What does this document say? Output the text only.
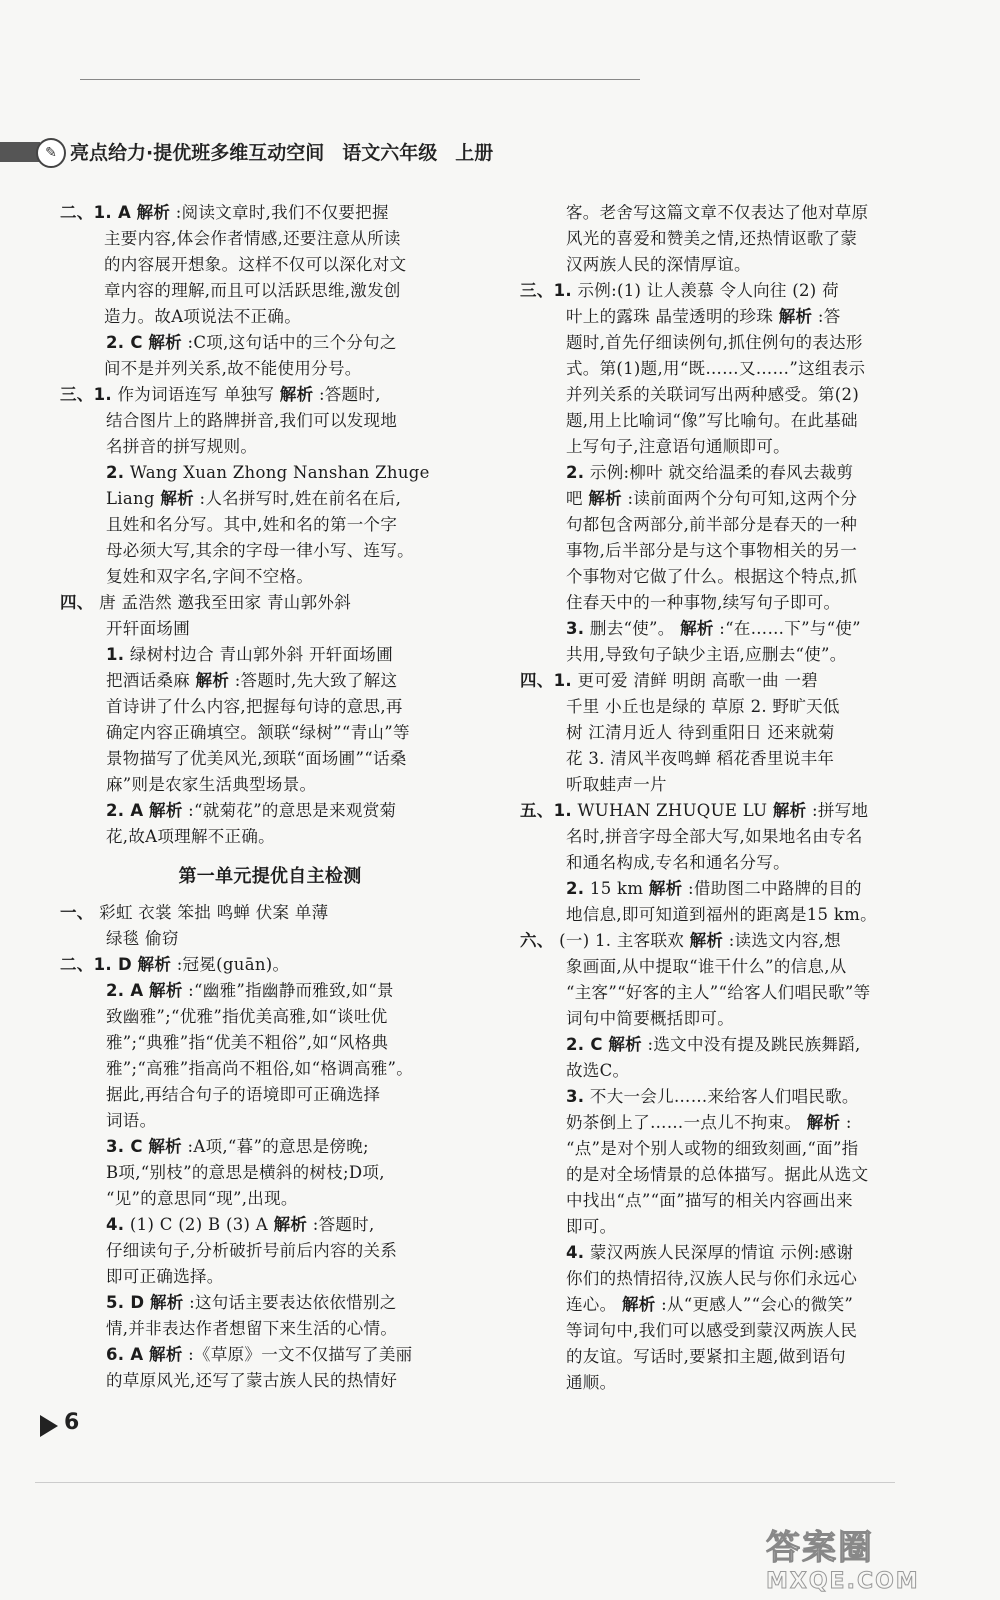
✎ 亮点给力·提优班多维互动空间 语文六年级 上册

二、1. A 解析 :阅读文章时,我们不仅要把握

主要内容,体会作者情感,还要注意从所读

的内容展开想象。这样不仅可以深化对文

章内容的理解,而且可以活跃思维,激发创

造力。故A项说法不正确。

2. C 解析 :C项,这句话中的三个分句之

间不是并列关系,故不能使用分号。

三、1. 作为词语连写 单独写 解析 :答题时,

结合图片上的路牌拼音,我们可以发现地

名拼音的拼写规则。

2. Wang Xuan Zhong Nanshan Zhuge

Liang 解析 :人名拼写时,姓在前名在后,

且姓和名分写。其中,姓和名的第一个字

母必须大写,其余的字母一律小写、连写。

复姓和双字名,字间不空格。

四、 唐 孟浩然 邀我至田家 青山郭外斜

开轩面场圃

1. 绿树村边合 青山郭外斜 开轩面场圃

把酒话桑麻 解析 :答题时,先大致了解这

首诗讲了什么内容,把握每句诗的意思,再

确定内容正确填空。颔联“绿树”“青山”等

景物描写了优美风光,颈联“面场圃”“话桑

麻”则是农家生活典型场景。

2. A 解析 :“就菊花”的意思是来观赏菊

花,故A项理解不正确。

第一单元提优自主检测

一、 彩虹 衣裳 笨拙 鸣蝉 伏案 单薄

绿毯 偷窃

二、1. D 解析 :冠冕(guān)。

2. A 解析 :“幽雅”指幽静而雅致,如“景

致幽雅”;“优雅”指优美高雅,如“谈吐优

雅”;“典雅”指“优美不粗俗”,如“风格典

雅”;“高雅”指高尚不粗俗,如“格调高雅”。

据此,再结合句子的语境即可正确选择

词语。

3. C 解析 :A项,“暮”的意思是傍晚;

B项,“别枝”的意思是横斜的树枝;D项,

“见”的意思同“现”,出现。

4. (1) C (2) B (3) A 解析 :答题时,

仔细读句子,分析破折号前后内容的关系

即可正确选择。

5. D 解析 :这句话主要表达依依惜别之

情,并非表达作者想留下来生活的心情。

6. A 解析 :《草原》一文不仅描写了美丽

的草原风光,还写了蒙古族人民的热情好

客。老舍写这篇文章不仅表达了他对草原

风光的喜爱和赞美之情,还热情讴歌了蒙

汉两族人民的深情厚谊。

三、1. 示例:(1) 让人羡慕 令人向往 (2) 荷

叶上的露珠 晶莹透明的珍珠 解析 :答

题时,首先仔细读例句,抓住例句的表达形

式。第(1)题,用“既……又……”这组表示

并列关系的关联词写出两种感受。第(2)

题,用上比喻词“像”写比喻句。在此基础

上写句子,注意语句通顺即可。

2. 示例:柳叶 就交给温柔的春风去裁剪

吧 解析 :读前面两个分句可知,这两个分

句都包含两部分,前半部分是春天的一种

事物,后半部分是与这个事物相关的另一

个事物对它做了什么。根据这个特点,抓

住春天中的一种事物,续写句子即可。

3. 删去“使”。 解析 :“在……下”与“使”

共用,导致句子缺少主语,应删去“使”。

四、1. 更可爱 清鲜 明朗 高歌一曲 一碧

千里 小丘也是绿的 草原 2. 野旷天低

树 江清月近人 待到重阳日 还来就菊

花 3. 清风半夜鸣蝉 稻花香里说丰年

听取蛙声一片

五、1. WUHAN ZHUQUE LU 解析 :拼写地

名时,拼音字母全部大写,如果地名由专名

和通名构成,专名和通名分写。

2. 15 km 解析 :借助图二中路牌的目的

地信息,即可知道到福州的距离是15 km。

六、 (一) 1. 主客联欢 解析 :读选文内容,想

象画面,从中提取“谁干什么”的信息,从

“主客”“好客的主人”“给客人们唱民歌”等

词句中简要概括即可。

2. C 解析 :选文中没有提及跳民族舞蹈,

故选C。

3. 不大一会儿……来给客人们唱民歌。

奶茶倒上了……一点儿不拘束。 解析 :

“点”是对个别人或物的细致刻画,“面”指

的是对全场情景的总体描写。据此从选文

中找出“点”“面”描写的相关内容画出来

即可。

4. 蒙汉两族人民深厚的情谊 示例:感谢

你们的热情招待,汉族人民与你们永远心

连心。 解析 :从“更感人”“会心的微笑”

等词句中,我们可以感受到蒙汉两族人民

的友谊。写话时,要紧扣主题,做到语句

通顺。

6
答案圈
MXQE.COM
